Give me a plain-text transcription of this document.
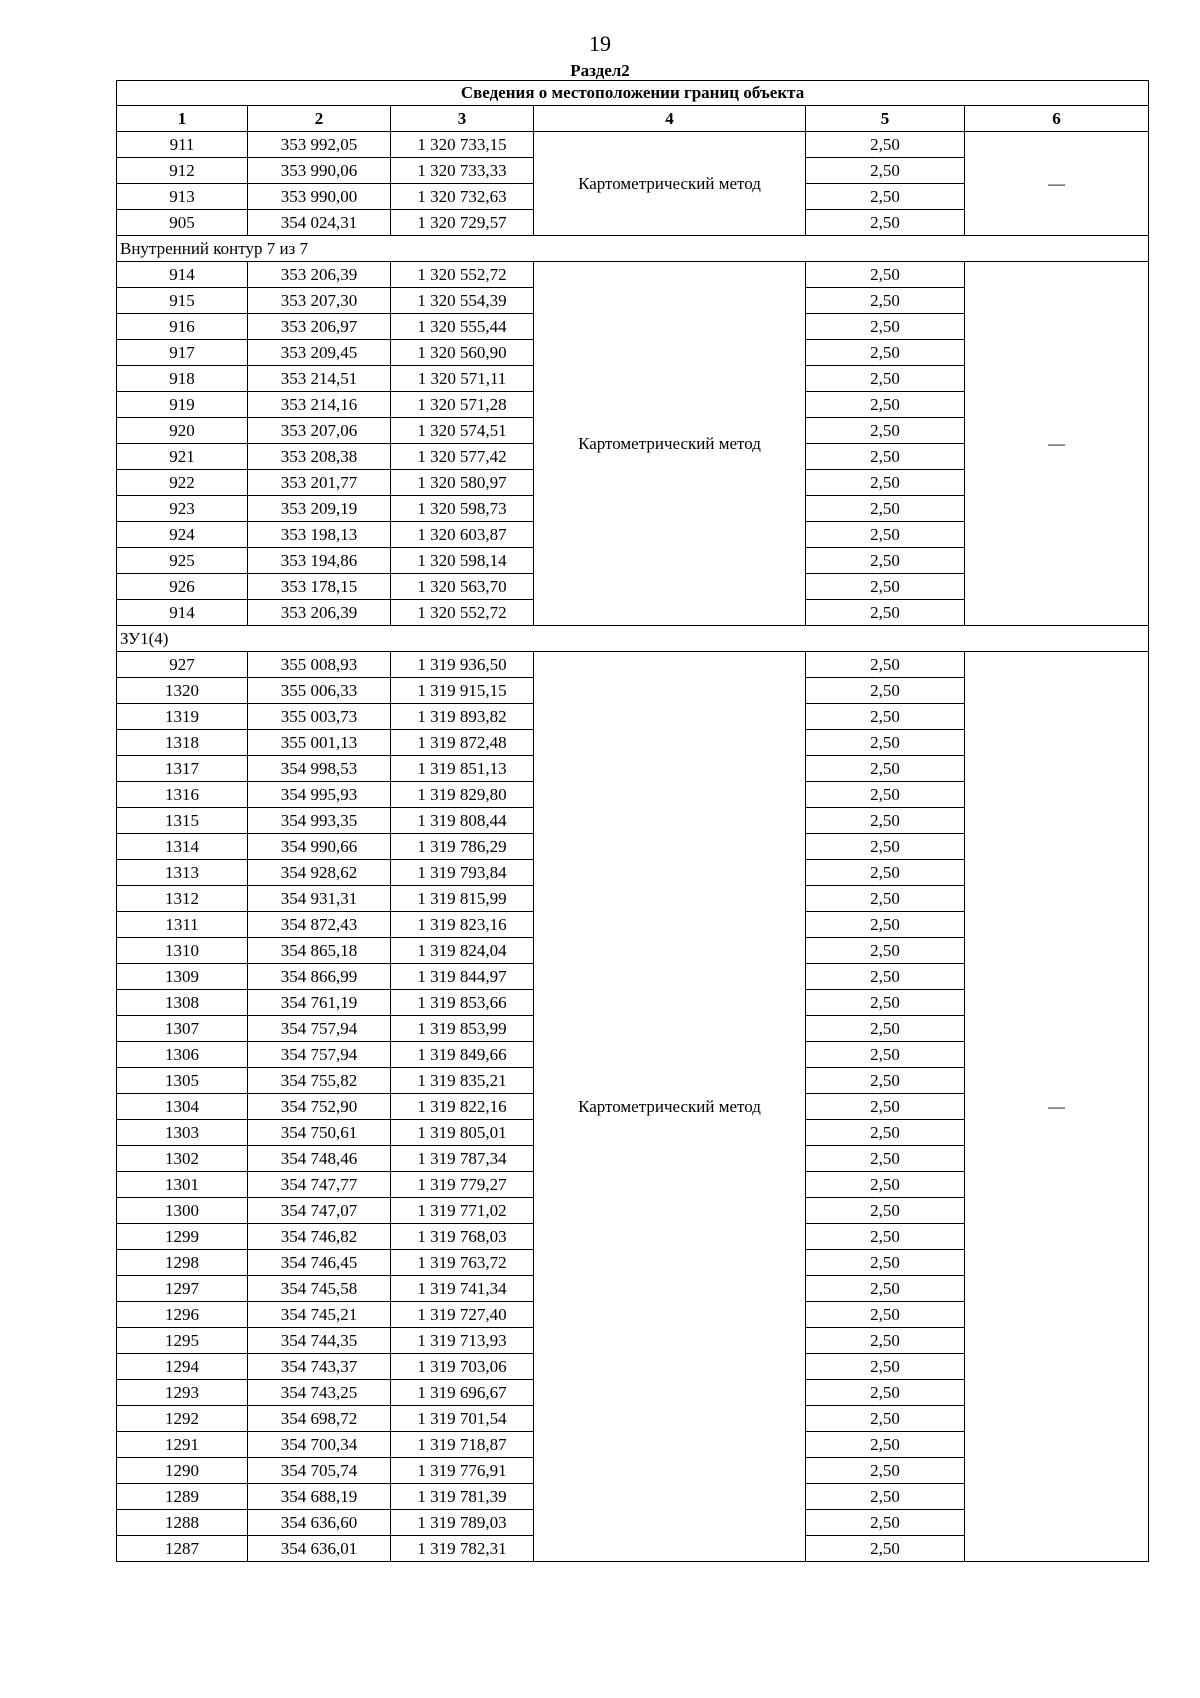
19
Раздел2
Сведения о местоположении границ объекта					
1	2	3	4	5	6
911	353 992,05	1 320 733,15	Картометрический метод	2,50	—
912	353 990,06	1 320 733,33		2,50	
913	353 990,00	1 320 732,63		2,50	
905	354 024,31	1 320 729,57		2,50	
Внутренний контур 7 из 7					
914	353 206,39	1 320 552,72	Картометрический метод	2,50	—
915	353 207,30	1 320 554,39		2,50	
916	353 206,97	1 320 555,44		2,50	
917	353 209,45	1 320 560,90		2,50	
918	353 214,51	1 320 571,11		2,50	
919	353 214,16	1 320 571,28		2,50	
920	353 207,06	1 320 574,51		2,50	
921	353 208,38	1 320 577,42		2,50	
922	353 201,77	1 320 580,97		2,50	
923	353 209,19	1 320 598,73		2,50	
924	353 198,13	1 320 603,87		2,50	
925	353 194,86	1 320 598,14		2,50	
926	353 178,15	1 320 563,70		2,50	
914	353 206,39	1 320 552,72		2,50	
ЗУ1(4)					
927	355 008,93	1 319 936,50	Картометрический метод	2,50	—
1320	355 006,33	1 319 915,15		2,50	
1319	355 003,73	1 319 893,82		2,50	
1318	355 001,13	1 319 872,48		2,50	
1317	354 998,53	1 319 851,13		2,50	
1316	354 995,93	1 319 829,80		2,50	
1315	354 993,35	1 319 808,44		2,50	
1314	354 990,66	1 319 786,29		2,50	
1313	354 928,62	1 319 793,84		2,50	
1312	354 931,31	1 319 815,99		2,50	
1311	354 872,43	1 319 823,16		2,50	
1310	354 865,18	1 319 824,04		2,50	
1309	354 866,99	1 319 844,97		2,50	
1308	354 761,19	1 319 853,66		2,50	
1307	354 757,94	1 319 853,99		2,50	
1306	354 757,94	1 319 849,66		2,50	
1305	354 755,82	1 319 835,21		2,50	
1304	354 752,90	1 319 822,16		2,50	
1303	354 750,61	1 319 805,01		2,50	
1302	354 748,46	1 319 787,34		2,50	
1301	354 747,77	1 319 779,27		2,50	
1300	354 747,07	1 319 771,02		2,50	
1299	354 746,82	1 319 768,03		2,50	
1298	354 746,45	1 319 763,72		2,50	
1297	354 745,58	1 319 741,34		2,50	
1296	354 745,21	1 319 727,40		2,50	
1295	354 744,35	1 319 713,93		2,50	
1294	354 743,37	1 319 703,06		2,50	
1293	354 743,25	1 319 696,67		2,50	
1292	354 698,72	1 319 701,54		2,50	
1291	354 700,34	1 319 718,87		2,50	
1290	354 705,74	1 319 776,91		2,50	
1289	354 688,19	1 319 781,39		2,50	
1288	354 636,60	1 319 789,03		2,50	
1287	354 636,01	1 319 782,31		2,50	
